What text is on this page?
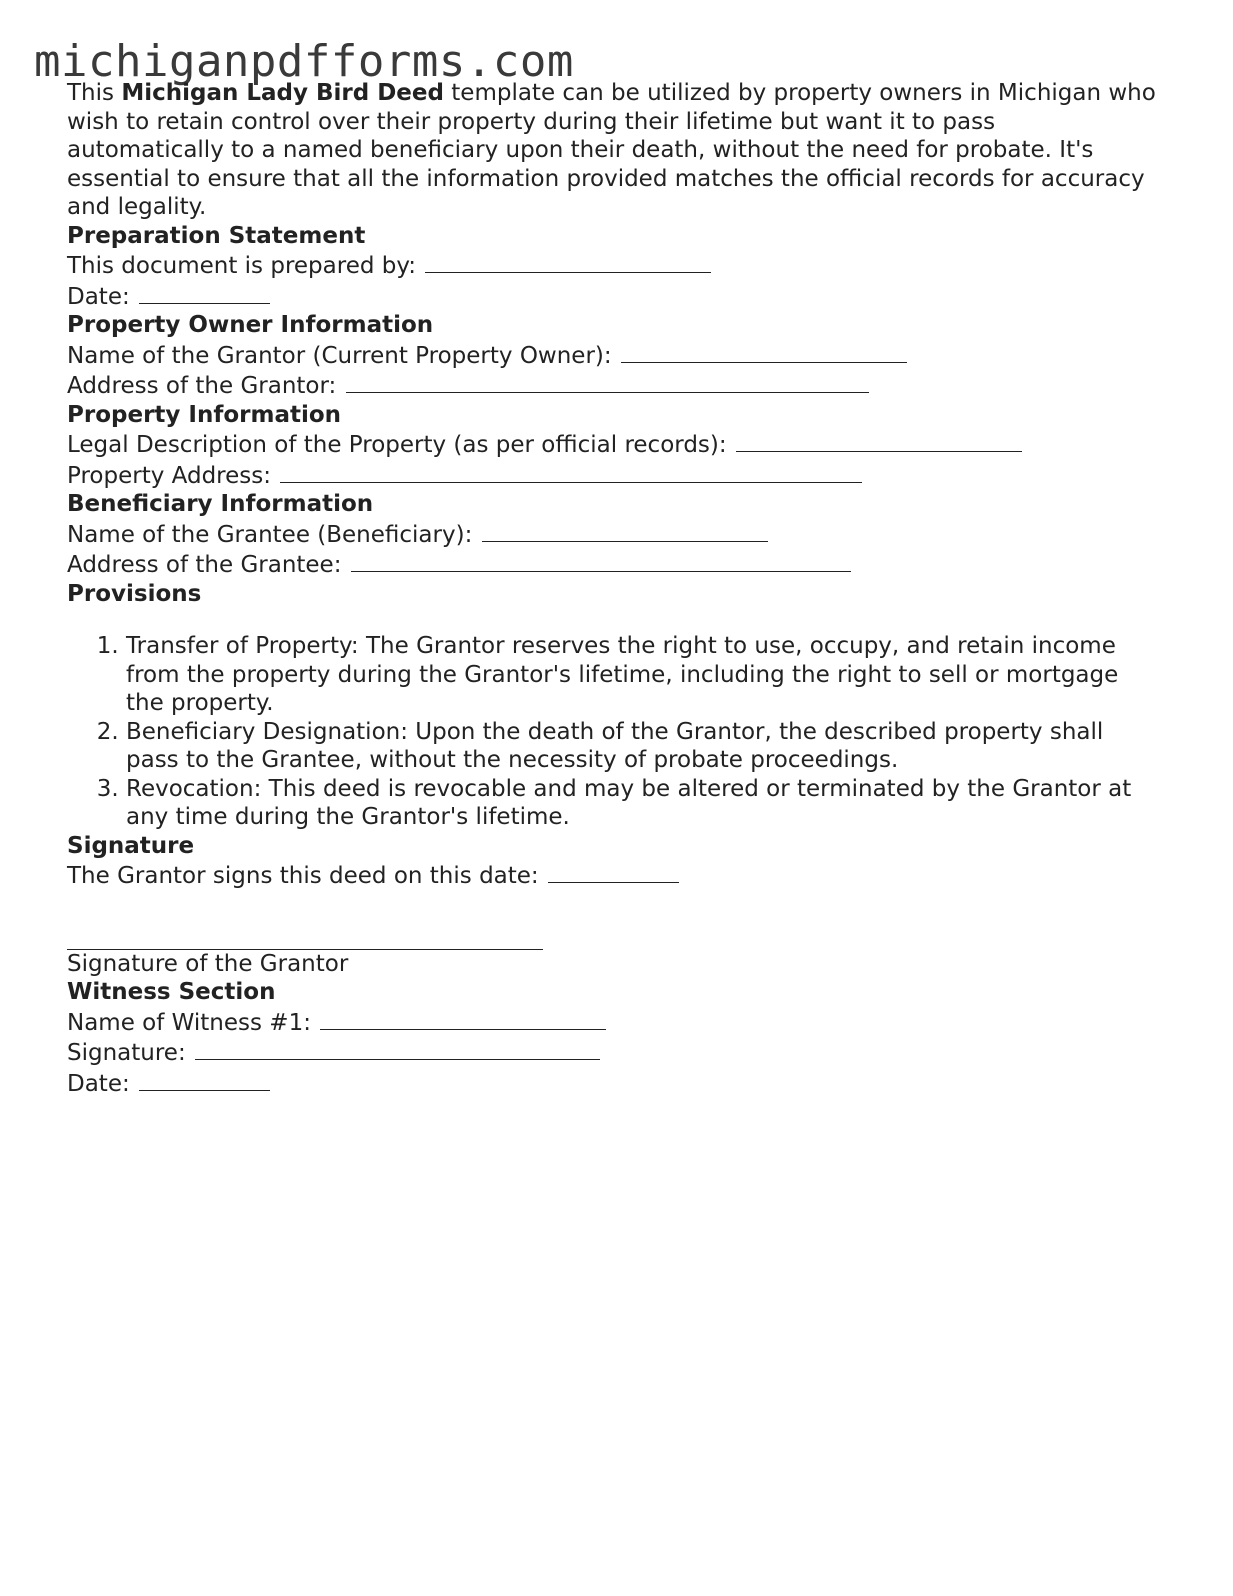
michiganpdfforms.com

This Michigan Lady Bird Deed template can be utilized by property owners in Michigan who wish to retain control over their property during their lifetime but want it to pass automatically to a named beneficiary upon their death, without the need for probate. It's essential to ensure that all the information provided matches the official records for accuracy and legality.

Preparation Statement

This document is prepared by:

Date:

Property Owner Information

Name of the Grantor (Current Property Owner):

Address of the Grantor:

Property Information

Legal Description of the Property (as per official records):

Property Address:

Beneficiary Information

Name of the Grantee (Beneficiary):

Address of the Grantee:

Provisions

1. Transfer of Property: The Grantor reserves the right to use, occupy, and retain income from the property during the Grantor's lifetime, including the right to sell or mortgage the property.
2. Beneficiary Designation: Upon the death of the Grantor, the described property shall pass to the Grantee, without the necessity of probate proceedings.
3. Revocation: This deed is revocable and may be altered or terminated by the Grantor at any time during the Grantor's lifetime.

Signature

The Grantor signs this deed on this date:

Signature of the Grantor

Witness Section

Name of Witness #1:

Signature:

Date:
